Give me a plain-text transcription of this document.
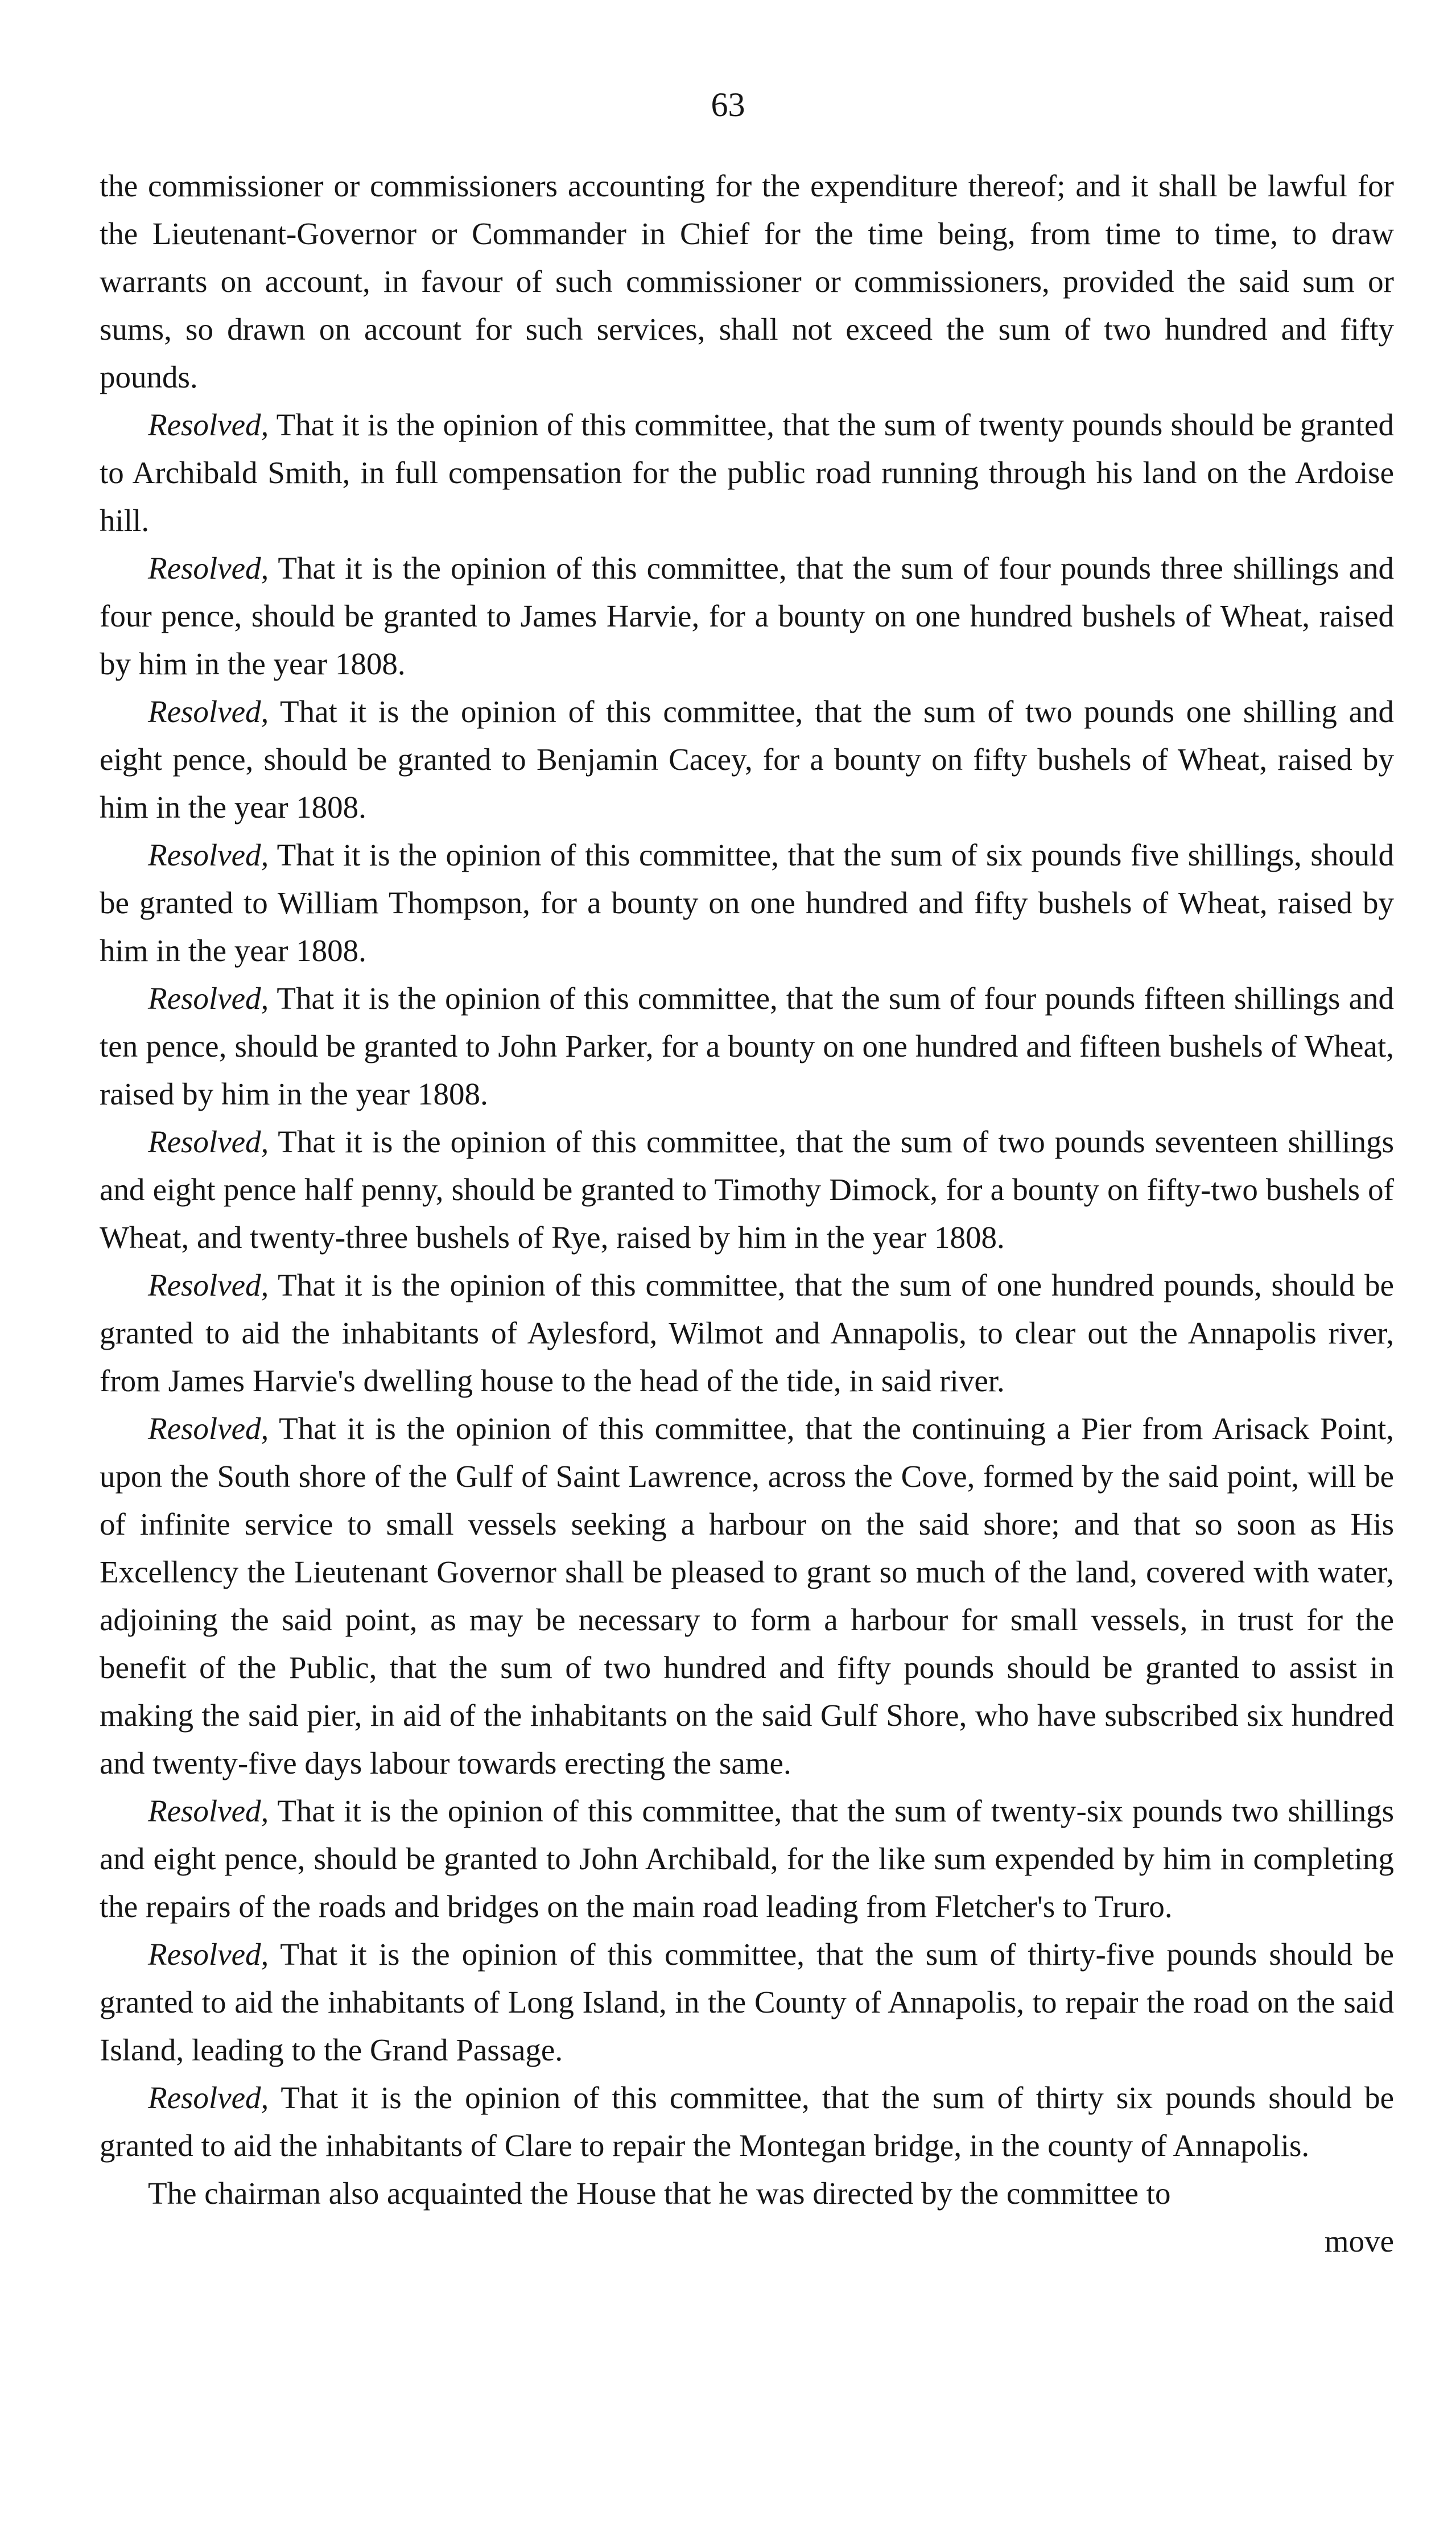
63

the commissioner or commissioners accounting for the expenditure thereof; and it shall be lawful for the Lieutenant-Governor or Commander in Chief for the time being, from time to time, to draw warrants on account, in favour of such commissioner or commissioners, provided the said sum or sums, so drawn on account for such services, shall not exceed the sum of two hundred and fifty pounds.

Resolved, That it is the opinion of this committee, that the sum of twenty pounds should be granted to Archibald Smith, in full compensation for the public road running through his land on the Ardoise hill.

Resolved, That it is the opinion of this committee, that the sum of four pounds three shillings and four pence, should be granted to James Harvie, for a bounty on one hundred bushels of Wheat, raised by him in the year 1808.

Resolved, That it is the opinion of this committee, that the sum of two pounds one shilling and eight pence, should be granted to Benjamin Cacey, for a bounty on fifty bushels of Wheat, raised by him in the year 1808.

Resolved, That it is the opinion of this committee, that the sum of six pounds five shillings, should be granted to William Thompson, for a bounty on one hundred and fifty bushels of Wheat, raised by him in the year 1808.

Resolved, That it is the opinion of this committee, that the sum of four pounds fifteen shillings and ten pence, should be granted to John Parker, for a bounty on one hundred and fifteen bushels of Wheat, raised by him in the year 1808.

Resolved, That it is the opinion of this committee, that the sum of two pounds seventeen shillings and eight pence half penny, should be granted to Timothy Dimock, for a bounty on fifty-two bushels of Wheat, and twenty-three bushels of Rye, raised by him in the year 1808.

Resolved, That it is the opinion of this committee, that the sum of one hundred pounds, should be granted to aid the inhabitants of Aylesford, Wilmot and Annapolis, to clear out the Annapolis river, from James Harvie's dwelling house to the head of the tide, in said river.

Resolved, That it is the opinion of this committee, that the continuing a Pier from Arisack Point, upon the South shore of the Gulf of Saint Lawrence, across the Cove, formed by the said point, will be of infinite service to small vessels seeking a harbour on the said shore; and that so soon as His Excellency the Lieutenant Governor shall be pleased to grant so much of the land, covered with water, adjoining the said point, as may be necessary to form a harbour for small vessels, in trust for the benefit of the Public, that the sum of two hundred and fifty pounds should be granted to assist in making the said pier, in aid of the inhabitants on the said Gulf Shore, who have subscribed six hundred and twenty-five days labour towards erecting the same.

Resolved, That it is the opinion of this committee, that the sum of twenty-six pounds two shillings and eight pence, should be granted to John Archibald, for the like sum expended by him in completing the repairs of the roads and bridges on the main road leading from Fletcher's to Truro.

Resolved, That it is the opinion of this committee, that the sum of thirty-five pounds should be granted to aid the inhabitants of Long Island, in the County of Annapolis, to repair the road on the said Island, leading to the Grand Passage.

Resolved, That it is the opinion of this committee, that the sum of thirty six pounds should be granted to aid the inhabitants of Clare to repair the Montegan bridge, in the county of Annapolis.

The chairman also acquainted the House that he was directed by the committee to

move
